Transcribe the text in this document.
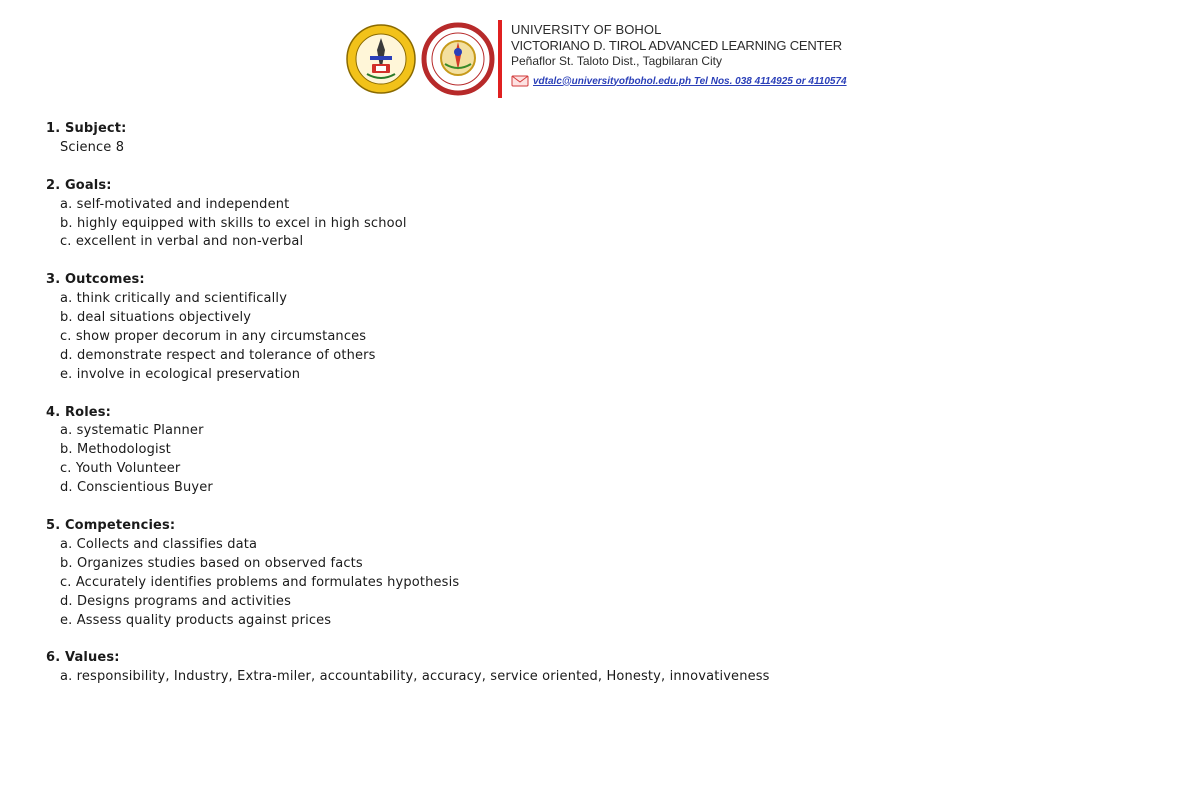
UNIVERSITY OF BOHOL
VICTORIANO D. TIROL ADVANCED LEARNING CENTER
Peñaflor St. Taloto Dist., Tagbilaran City
vdtalc@universityofbohol.edu.ph Tel Nos. 038 4114925 or 4110574
1. Subject:
Science 8
2. Goals:
a. self-motivated and independent
b. highly equipped with skills to excel in high school
c. excellent in verbal and non-verbal
3. Outcomes:
a. think critically and scientifically
b. deal situations objectively
c. show proper decorum in any circumstances
d. demonstrate respect and tolerance of others
e. involve in ecological preservation
4. Roles:
a. systematic Planner
b. Methodologist
c. Youth Volunteer
d. Conscientious Buyer
5. Competencies:
a. Collects and classifies data
b. Organizes studies based on observed facts
c. Accurately identifies problems and formulates hypothesis
d. Designs programs and activities
e. Assess quality products against prices
6. Values:
a. responsibility, Industry, Extra-miler, accountability, accuracy, service oriented, Honesty, innovativeness
